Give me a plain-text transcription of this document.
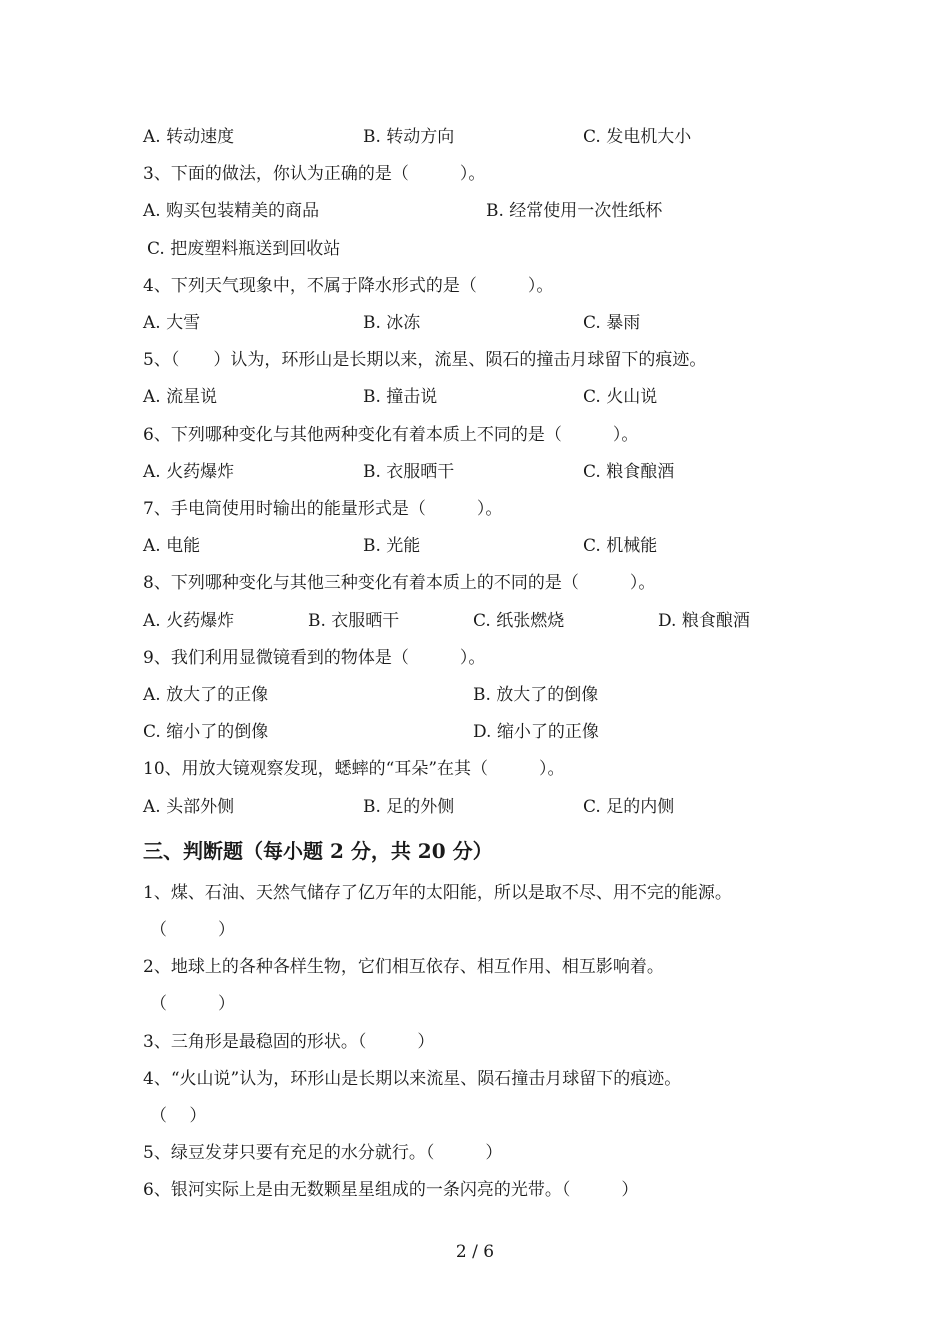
A. 转动速度	B. 转动方向	C. 发电机大小
3、下面的做法，你认为正确的是（　　　）。
A. 购买包装精美的商品	B. 经常使用一次性纸杯
C. 把废塑料瓶送到回收站
4、下列天气现象中，不属于降水形式的是（　　　）。
A. 大雪	B. 冰冻	C. 暴雨
5、（　　）认为，环形山是长期以来，流星、陨石的撞击月球留下的痕迹。
A. 流星说	B. 撞击说	C. 火山说
6、下列哪种变化与其他两种变化有着本质上不同的是（　　　）。
A. 火药爆炸	B. 衣服晒干	C. 粮食酿酒
7、手电筒使用时输出的能量形式是（　　　）。
A. 电能	B. 光能	C. 机械能
8、下列哪种变化与其他三种变化有着本质上的不同的是（　　　）。
A. 火药爆炸	B. 衣服晒干	C. 纸张燃烧	D. 粮食酿酒
9、我们利用显微镜看到的物体是（　　　）。
A. 放大了的正像	B. 放大了的倒像
C. 缩小了的倒像	D. 缩小了的正像
10、用放大镜观察发现，蟋蟀的“耳朵”在其（　　　）。
A. 头部外侧	B. 足的外侧	C. 足的内侧
三、判断题（每小题 2 分，共 20 分）
1、煤、石油、天然气储存了亿万年的太阳能，所以是取不尽、用不完的能源。
（　　　）
2、地球上的各种各样生物，它们相互依存、相互作用、相互影响着。
（　　　）
3、三角形是最稳固的形状。（　　　）
4、“火山说”认为，环形山是长期以来流星、陨石撞击月球留下的痕迹。
（　 ）
5、绿豆发芽只要有充足的水分就行。（　　　）
6、银河实际上是由无数颗星星组成的一条闪亮的光带。（　　　）
2 / 6
